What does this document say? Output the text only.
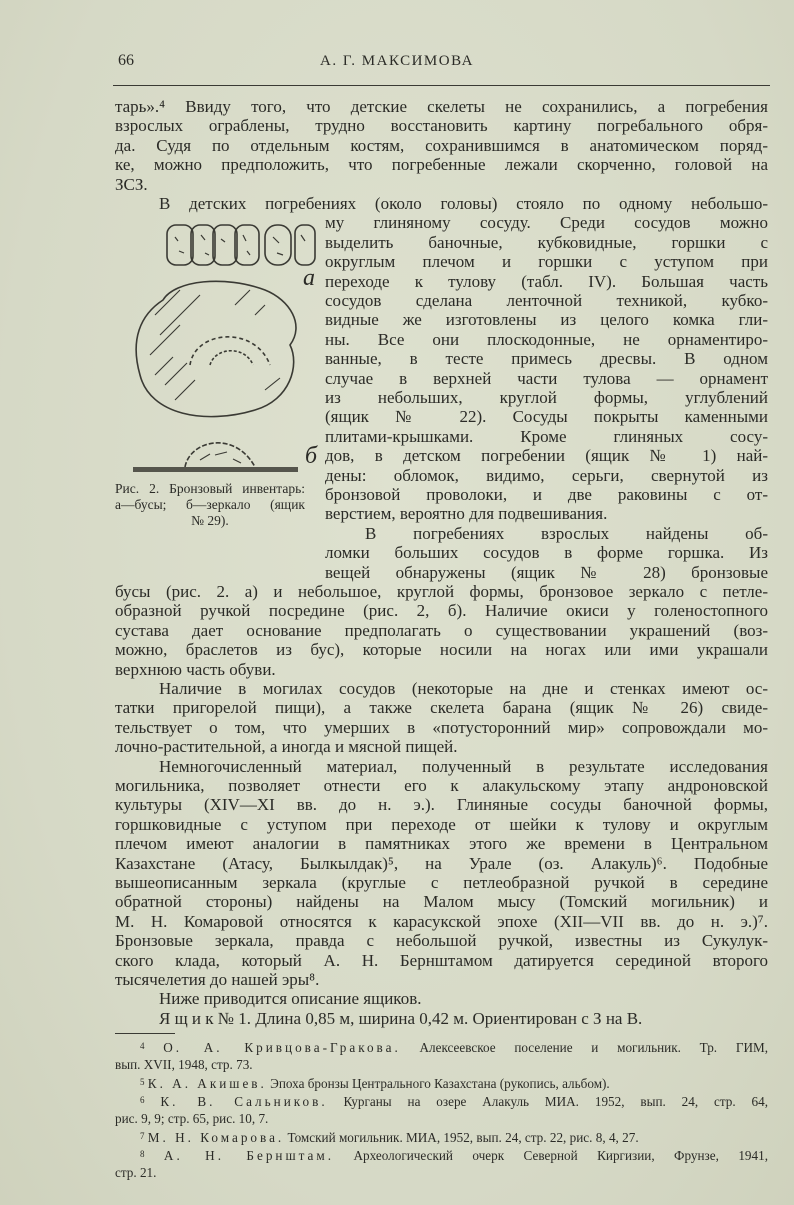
66	А. Г. МАКСИМОВА
тарь».⁴ Ввиду того, что детские скелеты не сохранились, а погребения
взрослых ограблены, трудно восстановить картину погребального обря-
да. Судя по отдельным костям, сохранившимся в анатомическом поряд-
ке, можно предположить, что погребенные лежали скорченно, головой на
ЗСЗ.
В детских погребениях (около головы) стояло по одному небольшо-
му глиняному сосуду. Среди сосудов можно
выделить баночные, кубковидные, горшки с
округлым плечом и горшки с уступом при
переходе к тулову (табл. IV). Большая часть
сосудов сделана ленточной техникой, кубко-
видные же изготовлены из целого комка гли-
ны. Все они плоскодонные, не орнаментиро-
ванные, в тесте примесь дресвы. В одном
случае в верхней части тулова — орнамент
из небольших, круглой формы, углублений
(ящик № 22). Сосуды покрыты каменными
плитами-крышками. Кроме глиняных сосу-
дов, в детском погребении (ящик № 1) най-
дены: обломок, видимо, серьги, свернутой из
бронзовой проволоки, и две раковины с от-
верстием, вероятно для подвешивания.
В погребениях взрослых найдены об-
ломки больших сосудов в форме горшка. Из
вещей обнаружены (ящик № 28) бронзовые
бусы (рис. 2. а) и небольшое, круглой формы, бронзовое зеркало с петле-
образной ручкой посредине (рис. 2, б). Наличие окиси у голеностопного
сустава дает основание предполагать о существовании украшений (воз-
можно, браслетов из бус), которые носили на ногах или ими украшали
верхнюю часть обуви.
Наличие в могилах сосудов (некоторые на дне и стенках имеют ос-
татки пригорелой пищи), а также скелета барана (ящик № 26) свиде-
тельствует о том, что умерших в «потусторонний мир» сопровождали мо-
лочно-растительной, а иногда и мясной пищей.
Немногочисленный материал, полученный в результате исследования
могильника, позволяет отнести его к алакульскому этапу андроновской
культуры (XIV—XI вв. до н. э.). Глиняные сосуды баночной формы,
горшковидные с уступом при переходе от шейки к тулову и округлым
плечом имеют аналогии в памятниках этого же времени в Центральном
Казахстане (Атасу, Былкылдак)⁵, на Урале (оз. Алакуль)⁶. Подобные
вышеописанным зеркала (круглые с петлеобразной ручкой в середине
обратной стороны) найдены на Малом мысу (Томский могильник) и
М. Н. Комаровой относятся к карасукской эпохе (XII—VII вв. до н. э.)⁷.
Бронзовые зеркала, правда с небольшой ручкой, известны из Сукулук-
ского клада, который А. Н. Бернштамом датируется серединой второго
тысячелетия до нашей эры⁸.
Ниже приводится описание ящиков.
Я щ и к № 1. Длина 0,85 м, ширина 0,42 м. Ориентирован с З на В.
а
б
Рис. 2. Бронзовый инвентарь:
а—бусы; б—зеркало (ящик
№ 29).
$^4$ О. А. Кривцова-Гракова. Алексеевское поселение и могильник. Тр. ГИМ,
вып. XVII, 1948, стр. 73.
$^5$ К. А. Акишев. Эпоха бронзы Центрального Казахстана (рукопись, альбом).
$^6$ К. В. Сальников. Курганы на озере Алакуль МИА. 1952, вып. 24, стр. 64,
рис. 9, 9; стр. 65, рис. 10, 7.
$^7$ М. Н. Комарова. Томский могильник. МИА, 1952, вып. 24, стр. 22, рис. 8, 4, 27.
$^8$ А. Н. Бернштам. Археологический очерк Северной Киргизии, Фрунзе, 1941,
стр. 21.
